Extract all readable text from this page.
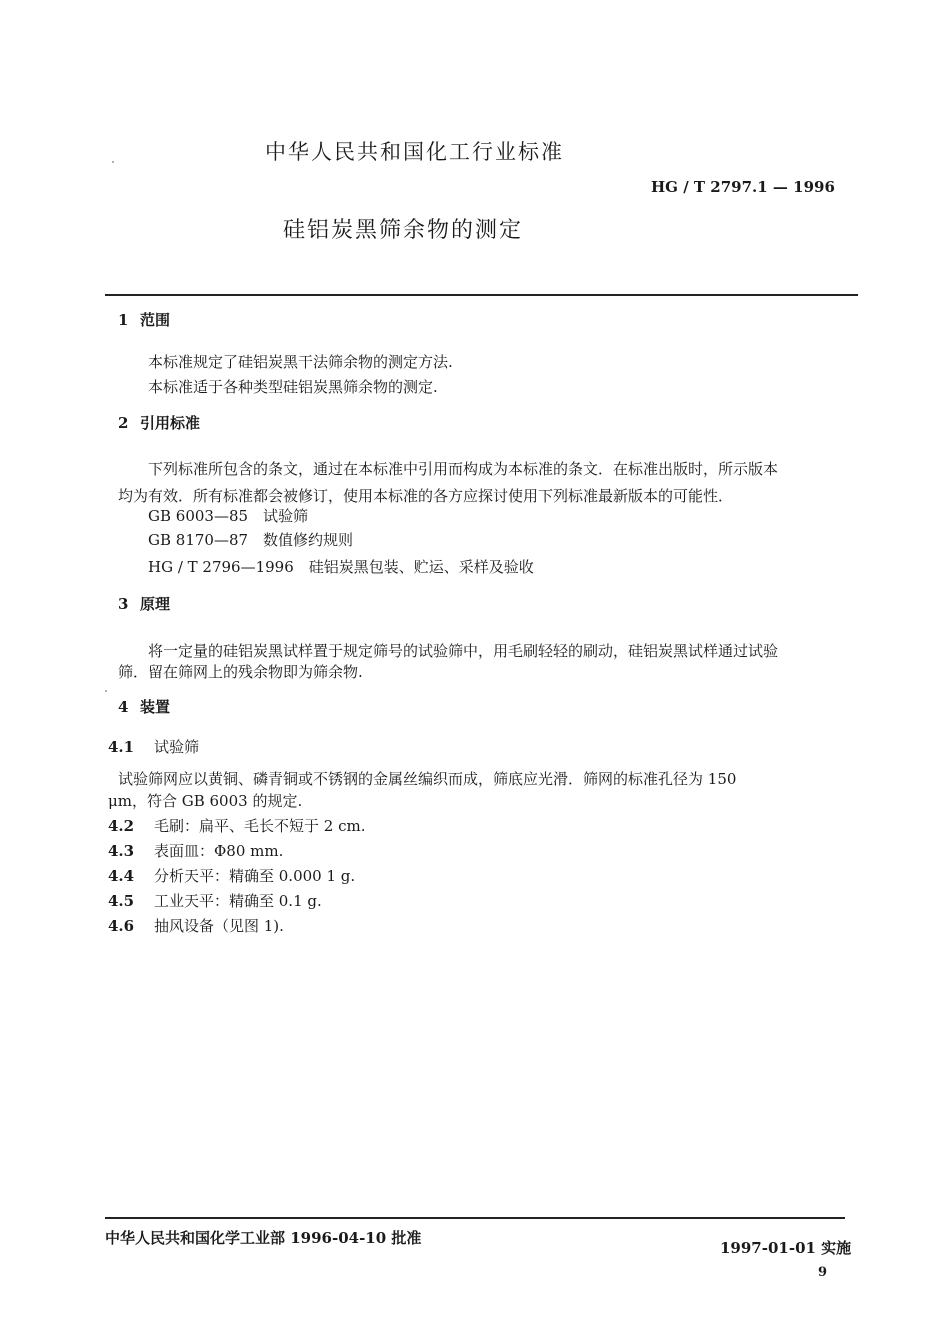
中华人民共和国化工行业标准
HG / T 2797.1 — 1996
硅铝炭黑筛余物的测定
1 范围
本标准规定了硅铝炭黑干法筛余物的测定方法.
本标准适于各种类型硅铝炭黑筛余物的测定.
2 引用标准
下列标准所包含的条文，通过在本标准中引用而构成为本标准的条文．在标准出版时，所示版本
均为有效．所有标准都会被修订，使用本标准的各方应探讨使用下列标准最新版本的可能性．
GB 6003—85　试验筛
GB 8170—87　数值修约规则
HG / T 2796—1996　硅铝炭黑包装、贮运、采样及验收
3 原理
将一定量的硅铝炭黑试样置于规定筛号的试验筛中，用毛刷轻轻的刷动，硅铝炭黑试样通过试验
筛．留在筛网上的残余物即为筛余物.
4 装置
4.1 试验筛
试验筛网应以黄铜、磷青铜或不锈钢的金属丝编织而成，筛底应光滑．筛网的标准孔径为 150
μm，符合 GB 6003 的规定.
4.2 毛刷：扁平、毛长不短于 2 cm.
4.3 表面皿：Φ80 mm.
4.4 分析天平：精确至 0.000 1 g.
4.5 工业天平：精确至 0.1 g.
4.6 抽风设备（见图 1).
中华人民共和国化学工业部 1996-04-10 批准
1997-01-01 实施
9
